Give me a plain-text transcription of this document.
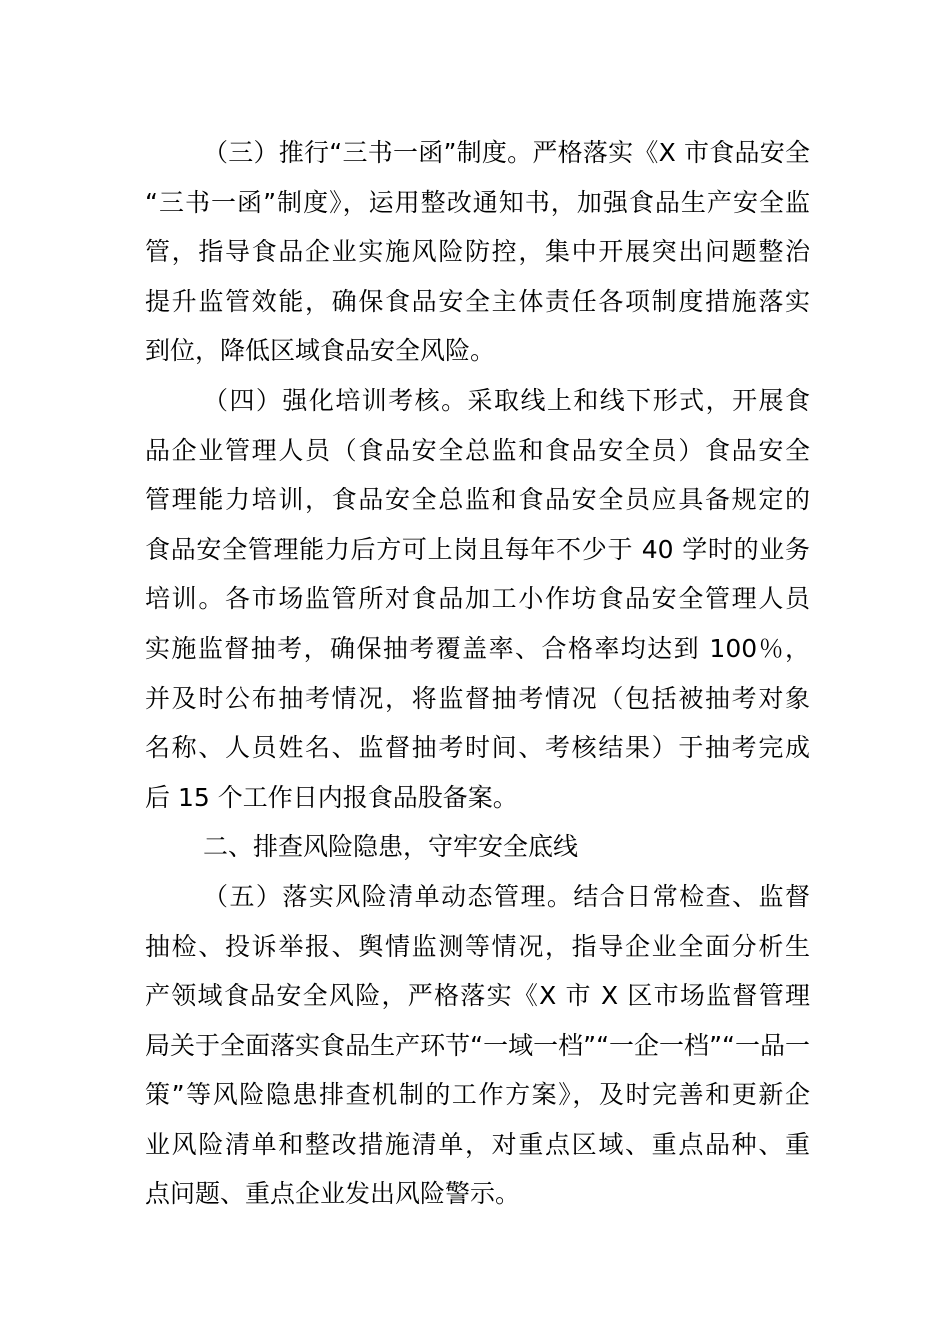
（三）推行“三书一函”制度。严格落实《X 市食品安全
“三书一函”制度》，运用整改通知书，加强食品生产安全监
管，指导食品企业实施风险防控，集中开展突出问题整治
提升监管效能，确保食品安全主体责任各项制度措施落实
到位，降低区域食品安全风险。
（四）强化培训考核。采取线上和线下形式，开展食
品企业管理人员（食品安全总监和食品安全员）食品安全
管理能力培训，食品安全总监和食品安全员应具备规定的
食品安全管理能力后方可上岗且每年不少于 40 学时的业务
培训。各市场监管所对食品加工小作坊食品安全管理人员
实施监督抽考，确保抽考覆盖率、合格率均达到 100％，
并及时公布抽考情况，将监督抽考情况（包括被抽考对象
名称、人员姓名、监督抽考时间、考核结果）于抽考完成
后 15 个工作日内报食品股备案。
二、排查风险隐患，守牢安全底线
（五）落实风险清单动态管理。结合日常检查、监督
抽检、投诉举报、舆情监测等情况，指导企业全面分析生
产领域食品安全风险，严格落实《X 市 X 区市场监督管理
局关于全面落实食品生产环节“一域一档”“一企一档”“一品一
策”等风险隐患排查机制的工作方案》，及时完善和更新企
业风险清单和整改措施清单，对重点区域、重点品种、重
点问题、重点企业发出风险警示。
